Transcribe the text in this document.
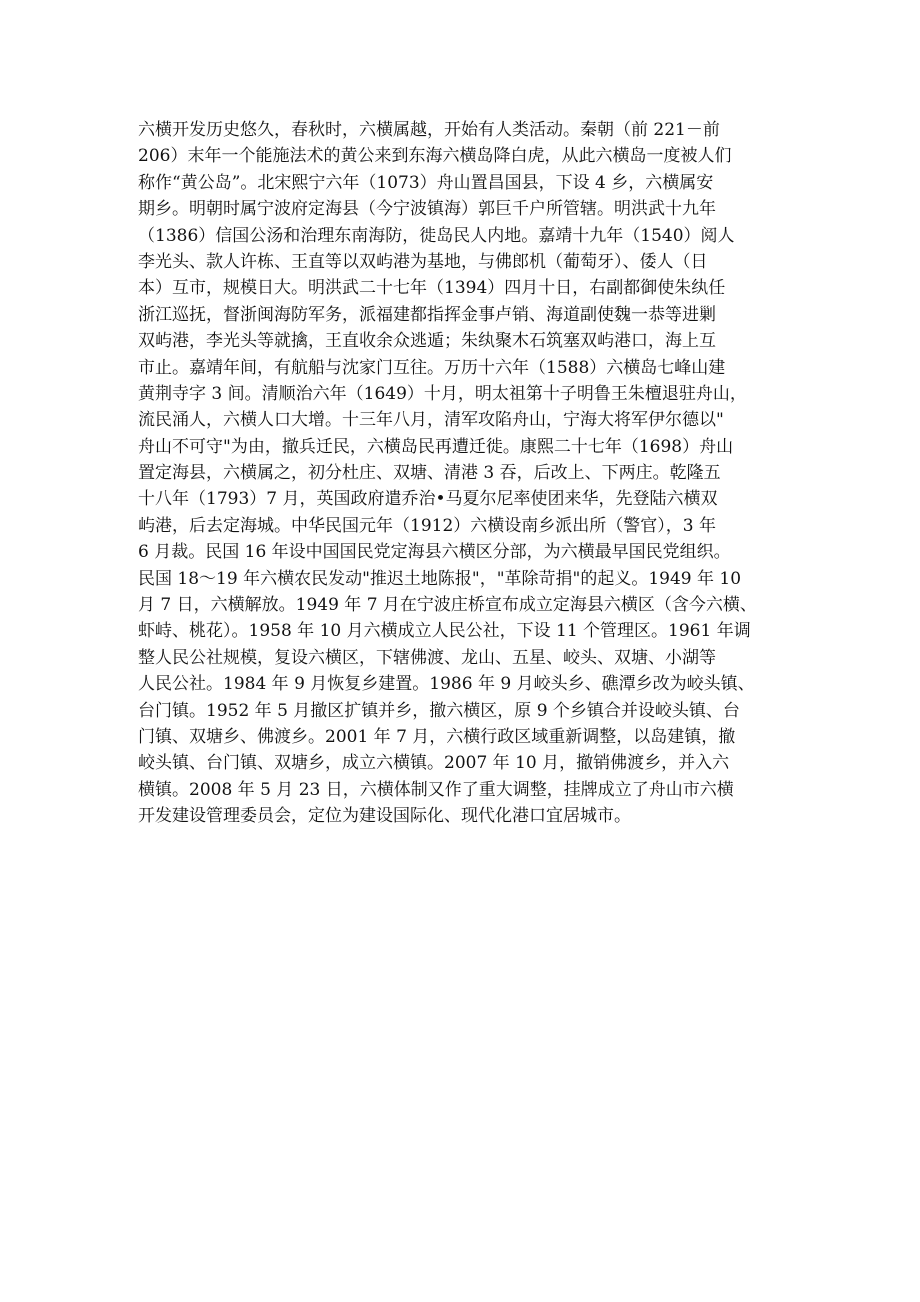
六横开发历史悠久，春秋时，六横属越，开始有人类活动。秦朝（前 221－前
206）末年一个能施法术的黄公来到东海六横岛降白虎，从此六横岛一度被人们
称作“黄公岛”。北宋熙宁六年（1073）舟山置昌国县，下设 4 乡，六横属安
期乡。明朝时属宁波府定海县（今宁波镇海）郭巨千户所管辖。明洪武十九年
（1386）信国公汤和治理东南海防，徙岛民人内地。嘉靖十九年（1540）阅人
李光头、款人许栋、王直等以双屿港为基地，与佛郎机（葡萄牙）、倭人（日
本）互市，规模日大。明洪武二十七年（1394）四月十日，右副都御使朱纨任
浙江巡抚，督浙闽海防军务，派福建都指挥金事卢销、海道副使魏一恭等进剿
双屿港，李光头等就擒，王直收余众逃遁；朱纨聚木石筑塞双屿港口，海上互
市止。嘉靖年间，有航船与沈家门互往。万历十六年（1588）六横岛七峰山建
黄荆寺字 3 间。清顺治六年（1649）十月，明太祖第十子明鲁王朱檀退驻舟山，
流民涌人，六横人口大增。十三年八月，清军攻陷舟山，宁海大将军伊尔德以"
舟山不可守"为由，撤兵迁民，六横岛民再遭迁徙。康熙二十七年（1698）舟山
置定海县，六横属之，初分杜庄、双塘、清港 3 吞，后改上、下两庄。乾隆五
十八年（1793）7 月，英国政府遣乔治•马夏尔尼率使团来华，先登陆六横双
屿港，后去定海城。中华民国元年（1912）六横设南乡派出所（警官），3 年
6 月裁。民国 16 年设中国国民党定海县六横区分部，为六横最早国民党组织。
民国 18～19 年六横农民发动"推迟土地陈报"，"革除苛捐"的起义。1949 年 10
月 7 日，六横解放。1949 年 7 月在宁波庄桥宣布成立定海县六横区（含今六横、
虾峙、桃花）。1958 年 10 月六横成立人民公社，下设 11 个管理区。1961 年调
整人民公社规模，复设六横区，下辖佛渡、龙山、五星、峧头、双塘、小湖等
人民公社。1984 年 9 月恢复乡建置。1986 年 9 月峧头乡、礁潭乡改为峧头镇、
台门镇。1952 年 5 月撤区扩镇并乡，撤六横区，原 9 个乡镇合并设峧头镇、台
门镇、双塘乡、佛渡乡。2001 年 7 月，六横行政区域重新调整，以岛建镇，撤
峧头镇、台门镇、双塘乡，成立六横镇。2007 年 10 月，撤销佛渡乡，并入六
横镇。2008 年 5 月 23 日，六横体制又作了重大调整，挂牌成立了舟山市六横
开发建设管理委员会，定位为建设国际化、现代化港口宜居城市。
